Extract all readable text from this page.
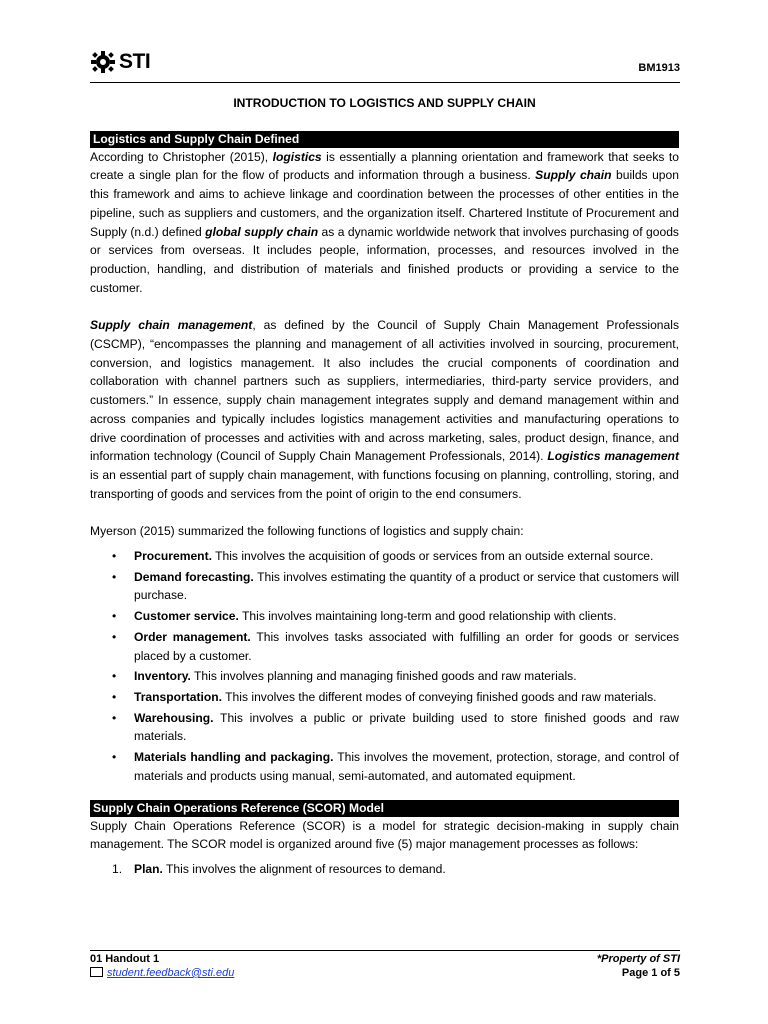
STI	BM1913
INTRODUCTION TO LOGISTICS AND SUPPLY CHAIN
Logistics and Supply Chain Defined

According to Christopher (2015), logistics is essentially a planning orientation and framework that seeks to create a single plan for the flow of products and information through a business. Supply chain builds upon this framework and aims to achieve linkage and coordination between the processes of other entities in the pipeline, such as suppliers and customers, and the organization itself. Chartered Institute of Procurement and Supply (n.d.) defined global supply chain as a dynamic worldwide network that involves purchasing of goods or services from overseas. It includes people, information, processes, and resources involved in the production, handling, and distribution of materials and finished products or providing a service to the customer.

Supply chain management, as defined by the Council of Supply Chain Management Professionals (CSCMP), “encompasses the planning and management of all activities involved in sourcing, procurement, conversion, and logistics management. It also includes the crucial components of coordination and collaboration with channel partners such as suppliers, intermediaries, third-party service providers, and customers.” In essence, supply chain management integrates supply and demand management within and across companies and typically includes logistics management activities and manufacturing operations to drive coordination of processes and activities with and across marketing, sales, product design, finance, and information technology (Council of Supply Chain Management Professionals, 2014). Logistics management is an essential part of supply chain management, with functions focusing on planning, controlling, storing, and transporting of goods and services from the point of origin to the end consumers.

Myerson (2015) summarized the following functions of logistics and supply chain:

• Procurement. This involves the acquisition of goods or services from an outside external source.
• Demand forecasting. This involves estimating the quantity of a product or service that customers will purchase.
• Customer service. This involves maintaining long-term and good relationship with clients.
• Order management. This involves tasks associated with fulfilling an order for goods or services placed by a customer.
• Inventory. This involves planning and managing finished goods and raw materials.
• Transportation. This involves the different modes of conveying finished goods and raw materials.
• Warehousing. This involves a public or private building used to store finished goods and raw materials.
• Materials handling and packaging. This involves the movement, protection, storage, and control of materials and products using manual, semi-automated, and automated equipment.
Supply Chain Operations Reference (SCOR) Model

Supply Chain Operations Reference (SCOR) is a model for strategic decision-making in supply chain management. The SCOR model is organized around five (5) major management processes as follows:

1. Plan. This involves the alignment of resources to demand.
01 Handout 1
student.feedback@sti.edu
*Property of STI
Page 1 of 5
